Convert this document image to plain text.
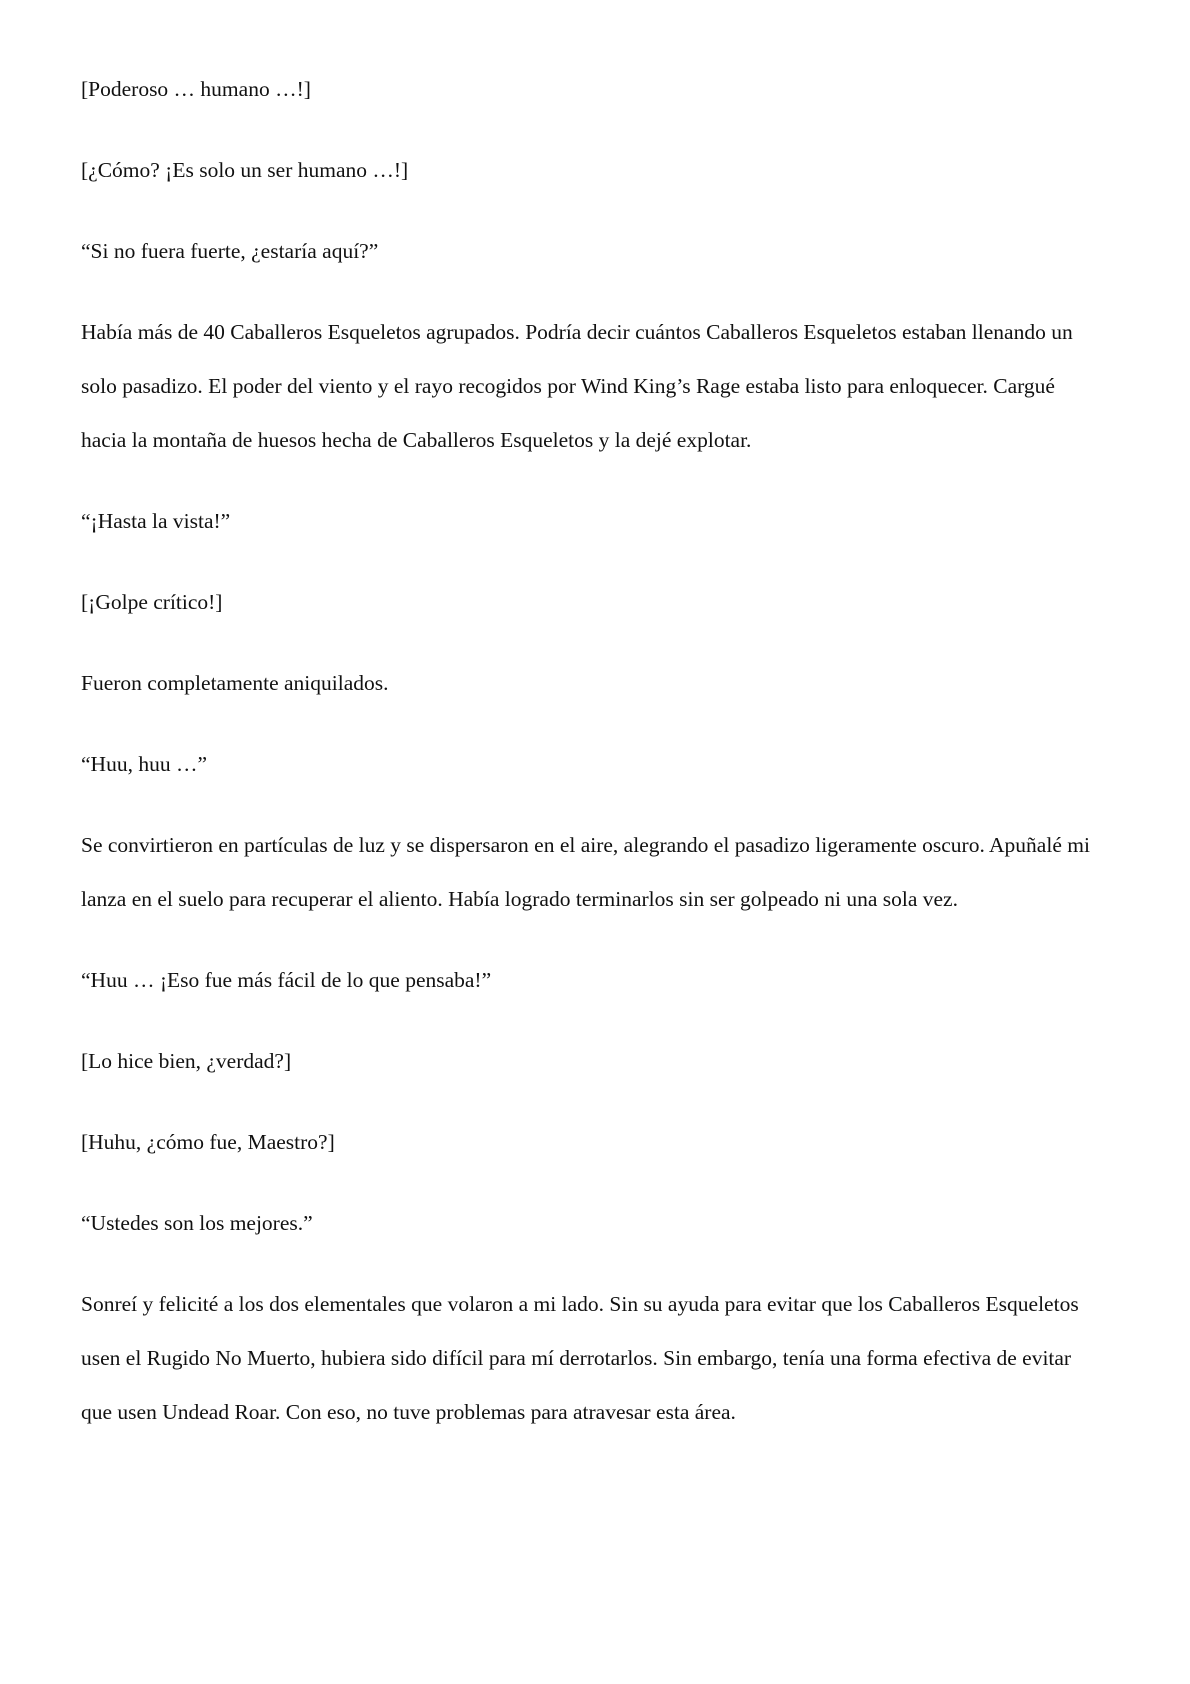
[Poderoso … humano …!]

[¿Cómo? ¡Es solo un ser humano …!]

“Si no fuera fuerte, ¿estaría aquí?”

Había más de 40 Caballeros Esqueletos agrupados. Podría decir cuántos Caballeros Esqueletos estaban llenando un solo pasadizo. El poder del viento y el rayo recogidos por Wind King’s Rage estaba listo para enloquecer. Cargué hacia la montaña de huesos hecha de Caballeros Esqueletos y la dejé explotar.

“¡Hasta la vista!”

[¡Golpe crítico!]

Fueron completamente aniquilados.

“Huu, huu …”

Se convirtieron en partículas de luz y se dispersaron en el aire, alegrando el pasadizo ligeramente oscuro. Apuñalé mi lanza en el suelo para recuperar el aliento. Había logrado terminarlos sin ser golpeado ni una sola vez.

“Huu … ¡Eso fue más fácil de lo que pensaba!”

[Lo hice bien, ¿verdad?]

[Huhu, ¿cómo fue, Maestro?]

“Ustedes son los mejores.”

Sonreí y felicité a los dos elementales que volaron a mi lado. Sin su ayuda para evitar que los Caballeros Esqueletos usen el Rugido No Muerto, hubiera sido difícil para mí derrotarlos. Sin embargo, tenía una forma efectiva de evitar que usen Undead Roar. Con eso, no tuve problemas para atravesar esta área.
